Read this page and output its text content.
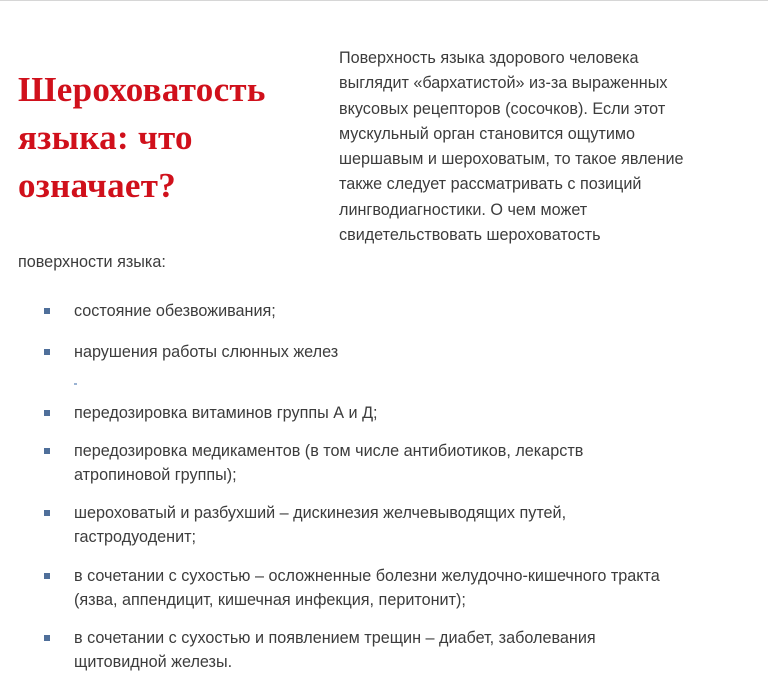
Шероховатость языка: что означает?

Поверхность языка здорового человека выглядит «бархатистой» из-за выраженных вкусовых рецепторов (сосочков). Если этот мускульный орган становится ощутимо шершавым и шероховатым, то такое явление также следует рассматривать с позиций лингводиагностики. О чем может свидетельствовать шероховатость

поверхности языка:

состояние обезвоживания;
нарушения работы слюнных желез
передозировка витаминов группы А и Д;
передозировка медикаментов (в том числе антибиотиков, лекарств атропиновой группы);
шероховатый и разбухший – дискинезия желчевыводящих путей, гастродуоденит;
в сочетании с сухостью – осложненные болезни желудочно-кишечного тракта (язва, аппендицит, кишечная инфекция, перитонит);
в сочетании с сухостью и появлением трещин – диабет, заболевания щитовидной железы.
